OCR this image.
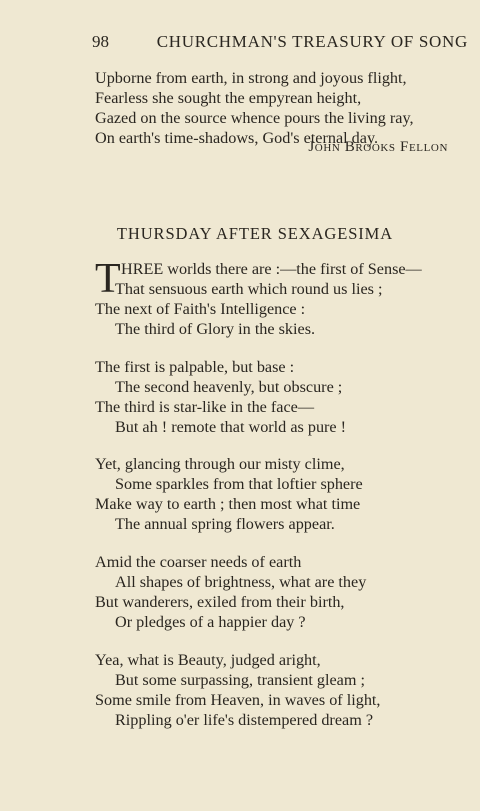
98	CHURCHMAN'S TREASURY OF SONG
Upborne from earth, in strong and joyous flight,
Fearless she sought the empyrean height,
Gazed on the source whence pours the living ray,
On earth's time-shadows, God's eternal day.
John Brooks Fellon
THURSDAY AFTER SEXAGESIMA
T HREE worlds there are :—the first of Sense—
That sensuous earth which round us lies ;
The next of Faith's Intelligence :
The third of Glory in the skies.
The first is palpable, but base :
The second heavenly, but obscure ;
The third is star-like in the face—
But ah ! remote that world as pure !
Yet, glancing through our misty clime,
Some sparkles from that loftier sphere
Make way to earth ; then most what time
The annual spring flowers appear.
Amid the coarser needs of earth
All shapes of brightness, what are they
But wanderers, exiled from their birth,
Or pledges of a happier day ?
Yea, what is Beauty, judged aright,
But some surpassing, transient gleam ;
Some smile from Heaven, in waves of light,
Rippling o'er life's distempered dream ?
